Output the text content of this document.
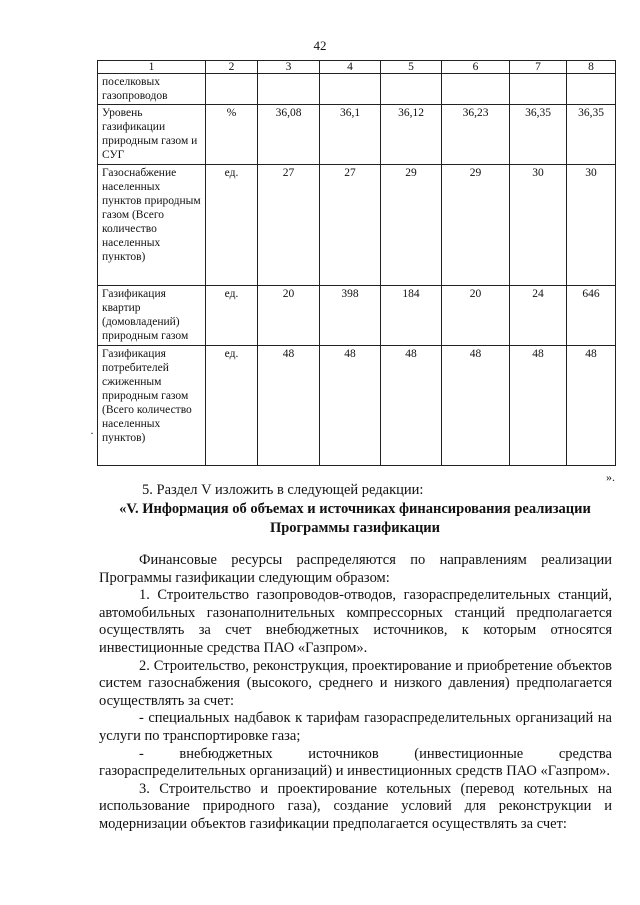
42
1	2	3	4	5	6	7	8
поселковых газопроводов							
Уровень газификации природным газом и СУГ	%	36,08	36,1	36,12	36,23	36,35	36,35
Газоснабжение населенных пунктов природным газом (Всего количество населенных пунктов)	ед.	27	27	29	29	30	30
Газификация квартир (домовладений) природным газом	ед.	20	398	184	20	24	646
Газификация потребителей сжиженным природным газом (Всего количество населенных пунктов)	ед.	48	48	48	48	48	48
».
·
5. Раздел V изложить в следующей редакции:
«V. Информация об объемах и источниках финансирования реализации Программы газификации

Финансовые ресурсы распределяются по направлениям реализации Программы газификации следующим образом:

1. Строительство газопроводов-отводов, газораспределительных станций, автомобильных газонаполнительных компрессорных станций предполагается осуществлять за счет внебюджетных источников, к которым относятся инвестиционные средства ПАО «Газпром».

2. Строительство, реконструкция, проектирование и приобретение объектов систем газоснабжения (высокого, среднего и низкого давления) предполагается осуществлять за счет:

- специальных надбавок к тарифам газораспределительных организаций на услуги по транспортировке газа;

- внебюджетных источников (инвестиционные средства газораспределительных организаций) и инвестиционных средств ПАО «Газпром».

3. Строительство и проектирование котельных (перевод котельных на использование природного газа), создание условий для реконструкции и модернизации объектов газификации предполагается осуществлять за счет:
